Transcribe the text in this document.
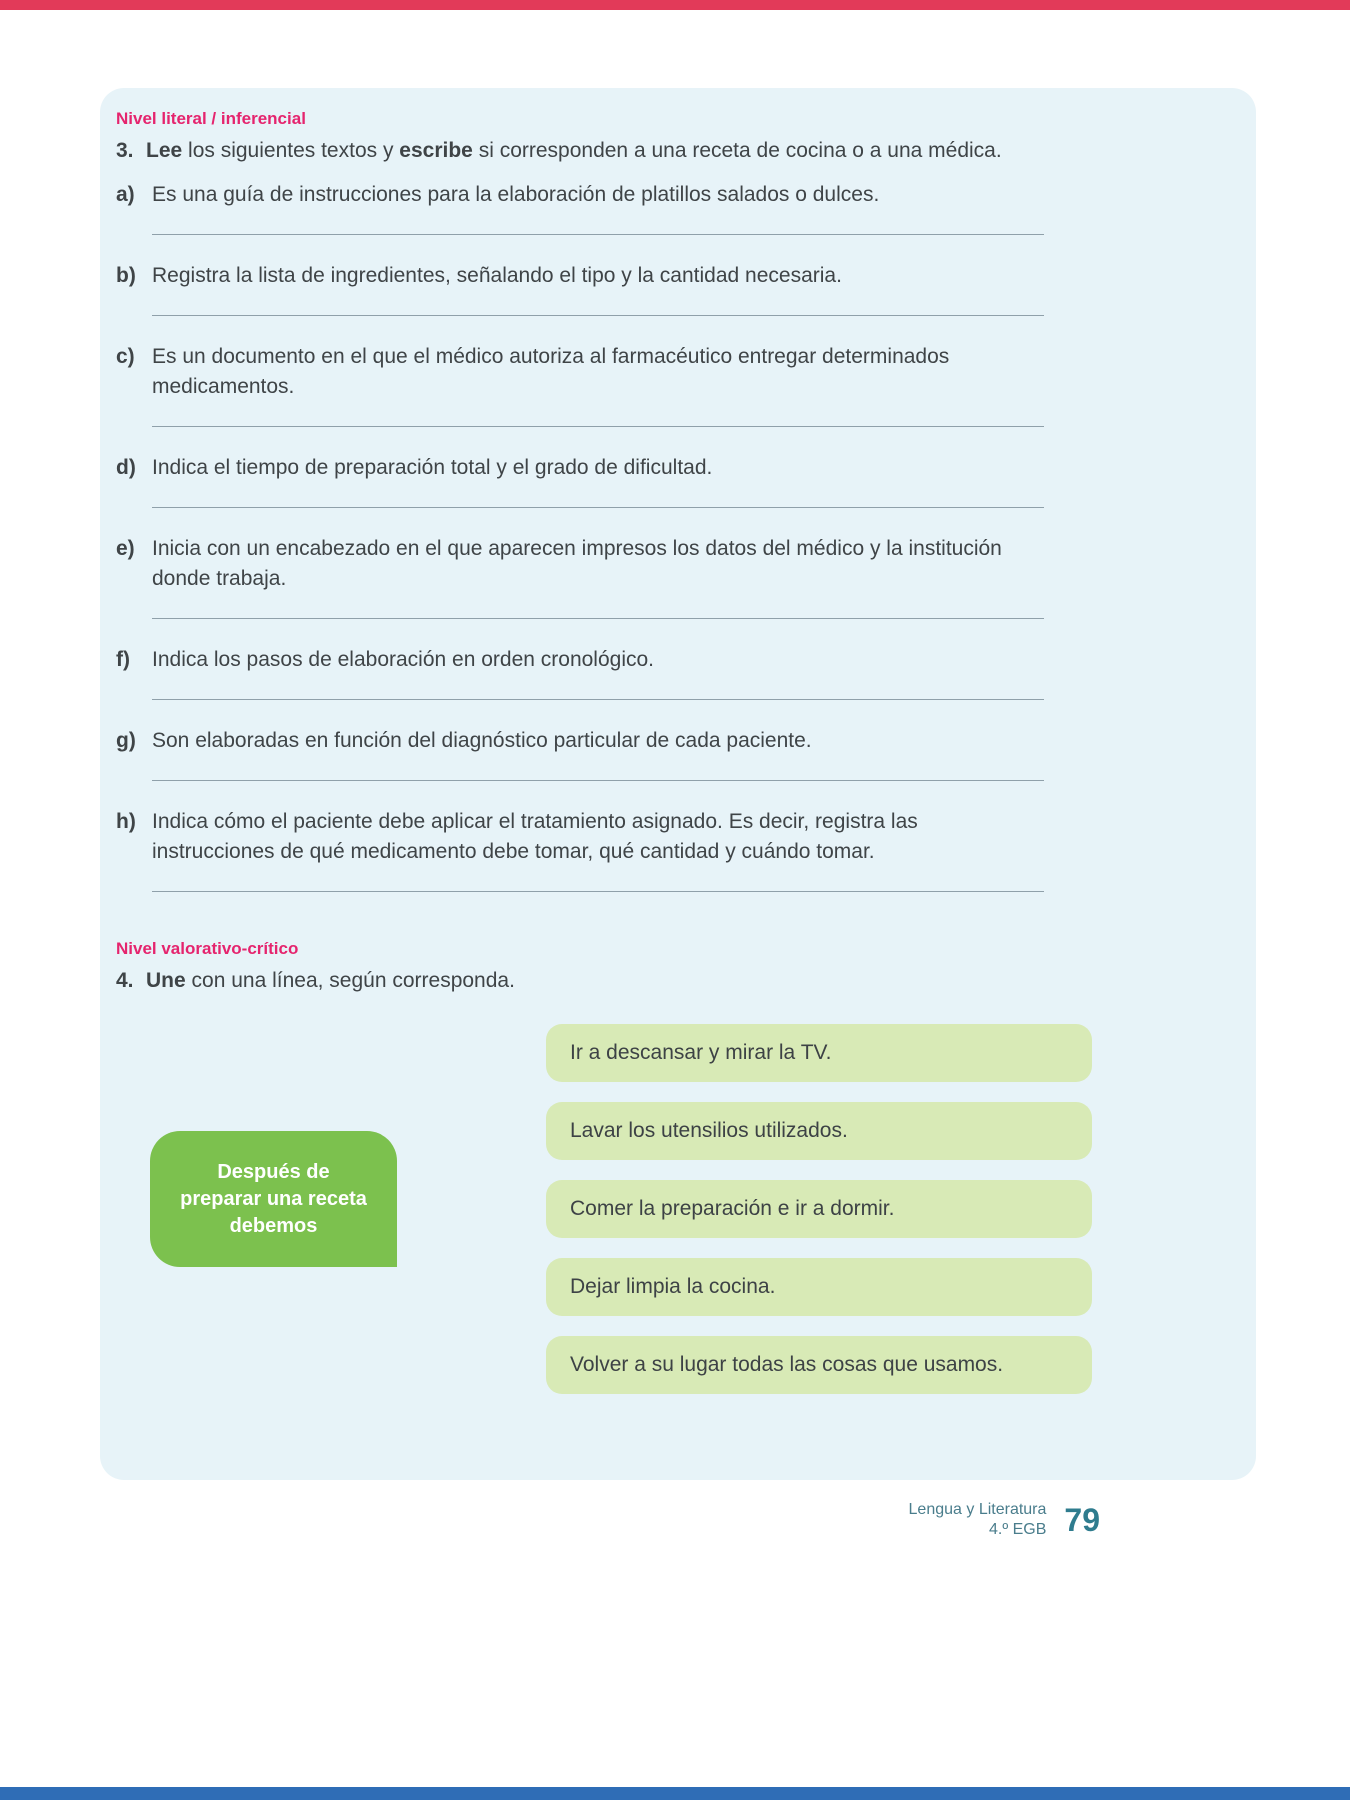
Nivel literal / inferencial
3. Lee los siguientes textos y escribe si corresponden a una receta de cocina o a una médica.
a) Es una guía de instrucciones para la elaboración de platillos salados o dulces.
b) Registra la lista de ingredientes, señalando el tipo y la cantidad necesaria.
c) Es un documento en el que el médico autoriza al farmacéutico entregar determinados medicamentos.
d) Indica el tiempo de preparación total y el grado de dificultad.
e) Inicia con un encabezado en el que aparecen impresos los datos del médico y la institución donde trabaja.
f)	Indica los pasos de elaboración en orden cronológico.
g) Son elaboradas en función del diagnóstico particular de cada paciente.
h) Indica cómo el paciente debe aplicar el tratamiento asignado. Es decir, registra las instrucciones de qué medicamento debe tomar, qué cantidad y cuándo tomar.
Nivel valorativo-crítico
4. Une con una línea, según corresponda.
Después de preparar una receta debemos
Ir a descansar y mirar la TV.
Lavar los utensilios utilizados.
Comer la preparación e ir a dormir.
Dejar limpia la cocina.
Volver a su lugar todas las cosas que usamos.
Lengua y Literatura
4.º EGB 79
